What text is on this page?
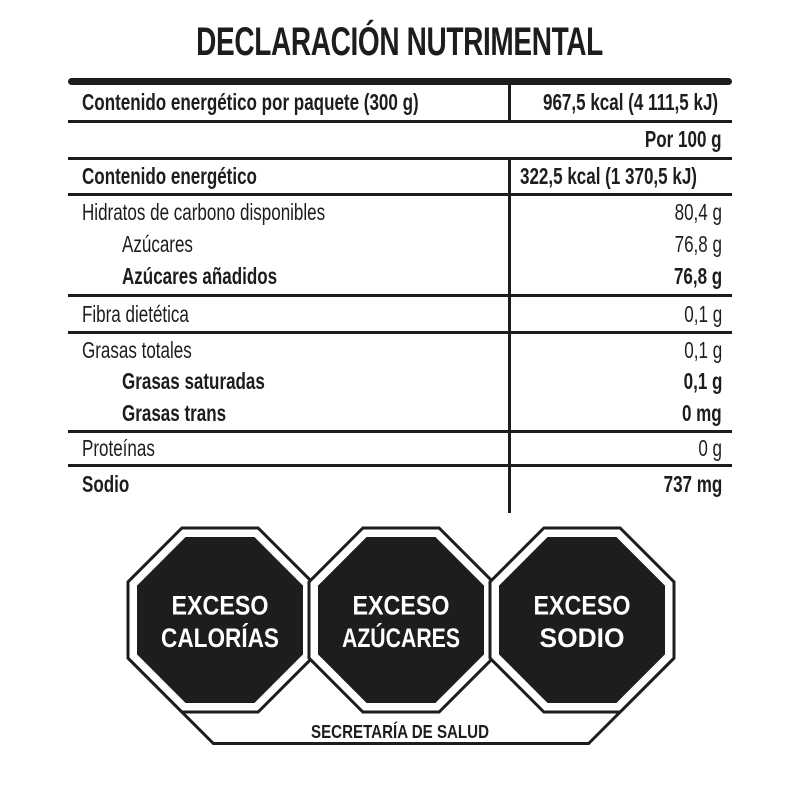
DECLARACIÓN NUTRIMENTAL
Contenido energético por paquete (300 g)	967,5 kcal (4 111,5 kJ)
Por 100 g
Contenido energético	322,5 kcal (1 370,5 kJ)
Hidratos de carbono disponibles	80,4 g
Azúcares	76,8 g
Azúcares añadidos	76,8 g
Fibra dietética	0,1 g
Grasas totales	0,1 g
Grasas saturadas	0,1 g
Grasas trans	0 mg
Proteínas	0 g
Sodio	737 mg
EXCESO
CALORÍAS
EXCESO
AZÚCARES
EXCESO
SODIO
SECRETARÍA DE SALUD
